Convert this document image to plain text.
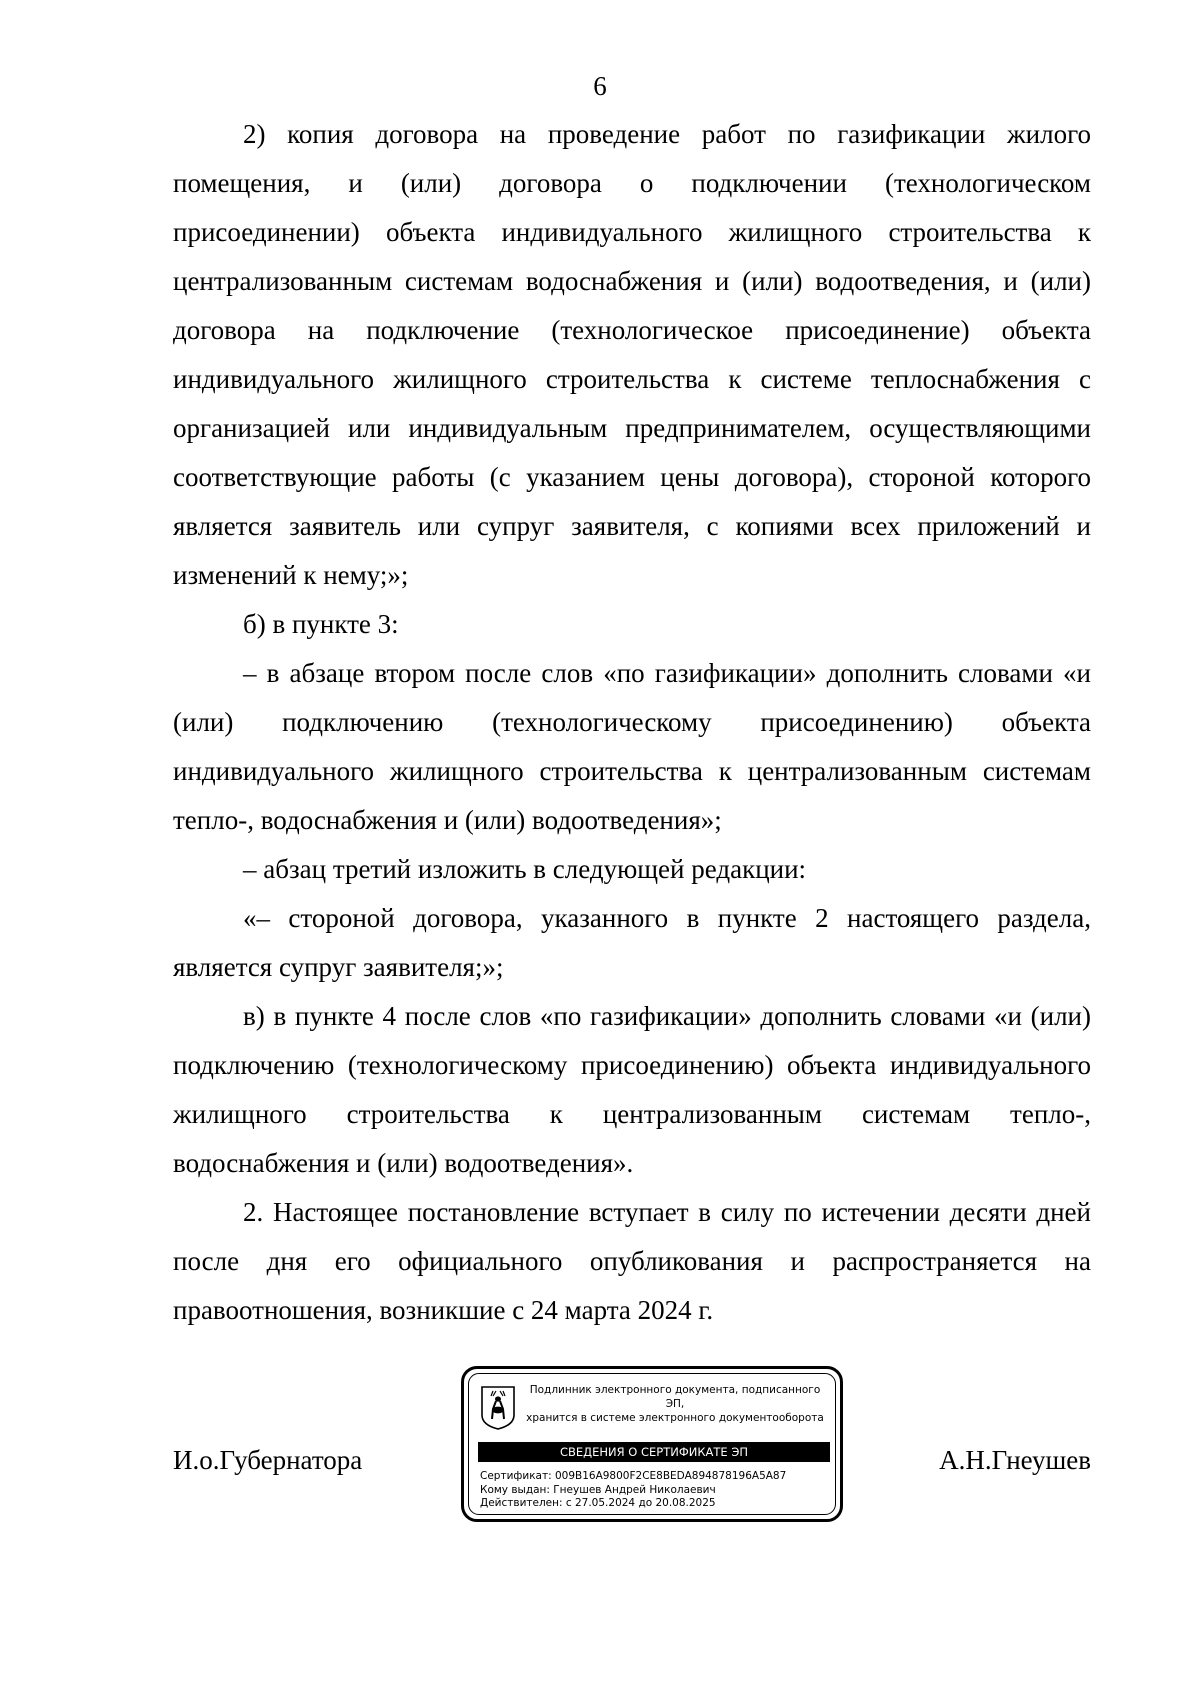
6

2) копия договора на проведение работ по газификации жилого помещения, и (или) договора о подключении (технологическом присоединении) объекта индивидуального жилищного строительства к централизованным системам водоснабжения и (или) водоотведения, и (или) договора на подключение (технологическое присоединение) объекта индивидуального жилищного строительства к системе теплоснабжения с организацией или индивидуальным предпринимателем, осуществляющими соответствующие работы (с указанием цены договора), стороной которого является заявитель или супруг заявителя, с копиями всех приложений и изменений к нему;»;

б) в пункте 3:

– в абзаце втором после слов «по газификации» дополнить словами «и (или) подключению (технологическому присоединению) объекта индивидуального жилищного строительства к централизованным системам тепло-, водоснабжения и (или) водоотведения»;

– абзац третий изложить в следующей редакции:

«– стороной договора, указанного в пункте 2 настоящего раздела, является супруг заявителя;»;

в) в пункте 4 после слов «по газификации» дополнить словами «и (или) подключению (технологическому присоединению) объекта индивидуального жилищного строительства к централизованным системам тепло-, водоснабжения и (или) водоотведения».

2. Настоящее постановление вступает в силу по истечении десяти дней после дня его официального опубликования и распространяется на правоотношения, возникшие с 24 марта 2024 г.

И.о.Губернатора
Подлинник электронного документа, подписанного ЭП,
хранится в системе электронного документооборота
СВЕДЕНИЯ О СЕРТИФИКАТЕ ЭП
Сертификат: 009B16A9800F2CE8BEDA894878196A5A87
Кому выдан: Гнеушев Андрей Николаевич
Действителен: с 27.05.2024 до 20.08.2025
А.Н.Гнеушев
